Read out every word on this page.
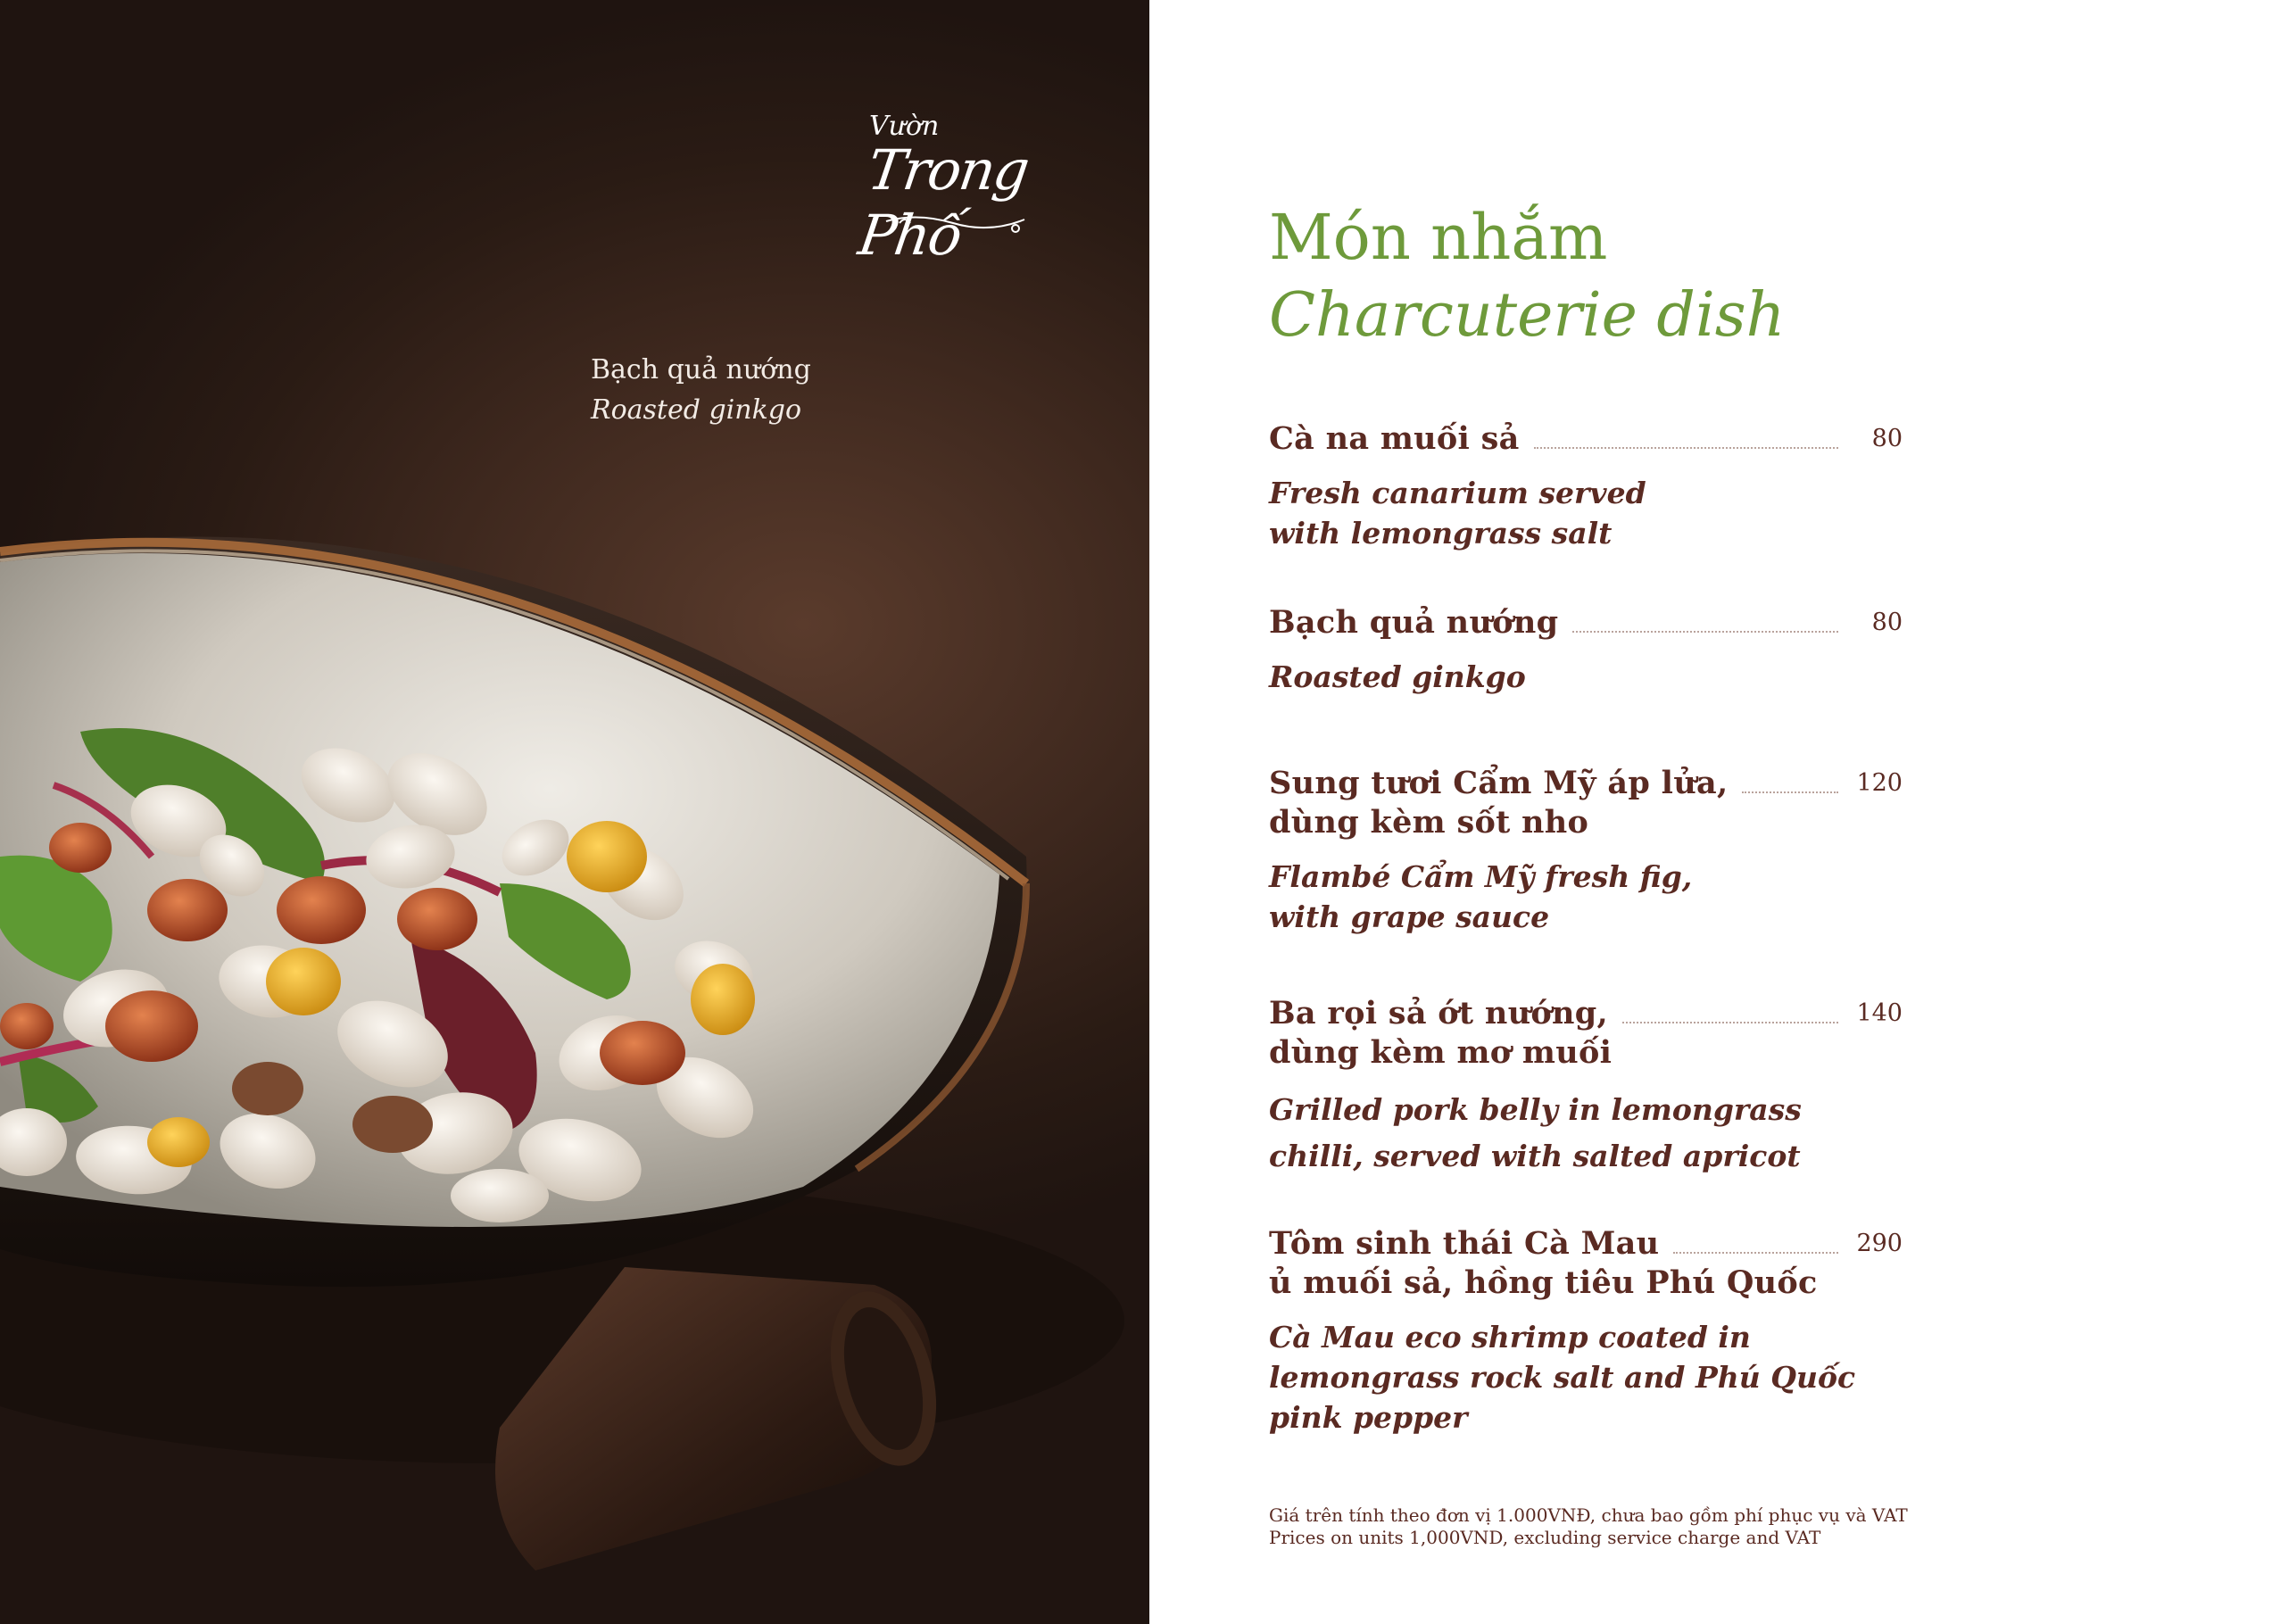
Vườn
Trong Phố
Bạch quả nướng
Roasted ginkgo
Món nhắm
Charcuterie dish
Cà na muối sả	80
Fresh canarium served
with lemongrass salt
Bạch quả nướng	80
Roasted ginkgo
Sung tươi Cẩm Mỹ áp lửa,	120
dùng kèm sốt nho
Flambé Cẩm Mỹ fresh fig,
with grape sauce
Ba rọi sả ớt nướng,	140
dùng kèm mơ muối
Grilled pork belly in lemongrass
chilli, served with salted apricot
Tôm sinh thái Cà Mau	290
ủ muối sả, hồng tiêu Phú Quốc
Cà Mau eco shrimp coated in
lemongrass rock salt and Phú Quốc
pink pepper
Giá trên tính theo đơn vị 1.000VNĐ, chưa bao gồm phí phục vụ và VAT
Prices on units 1,000VND, excluding service charge and VAT
